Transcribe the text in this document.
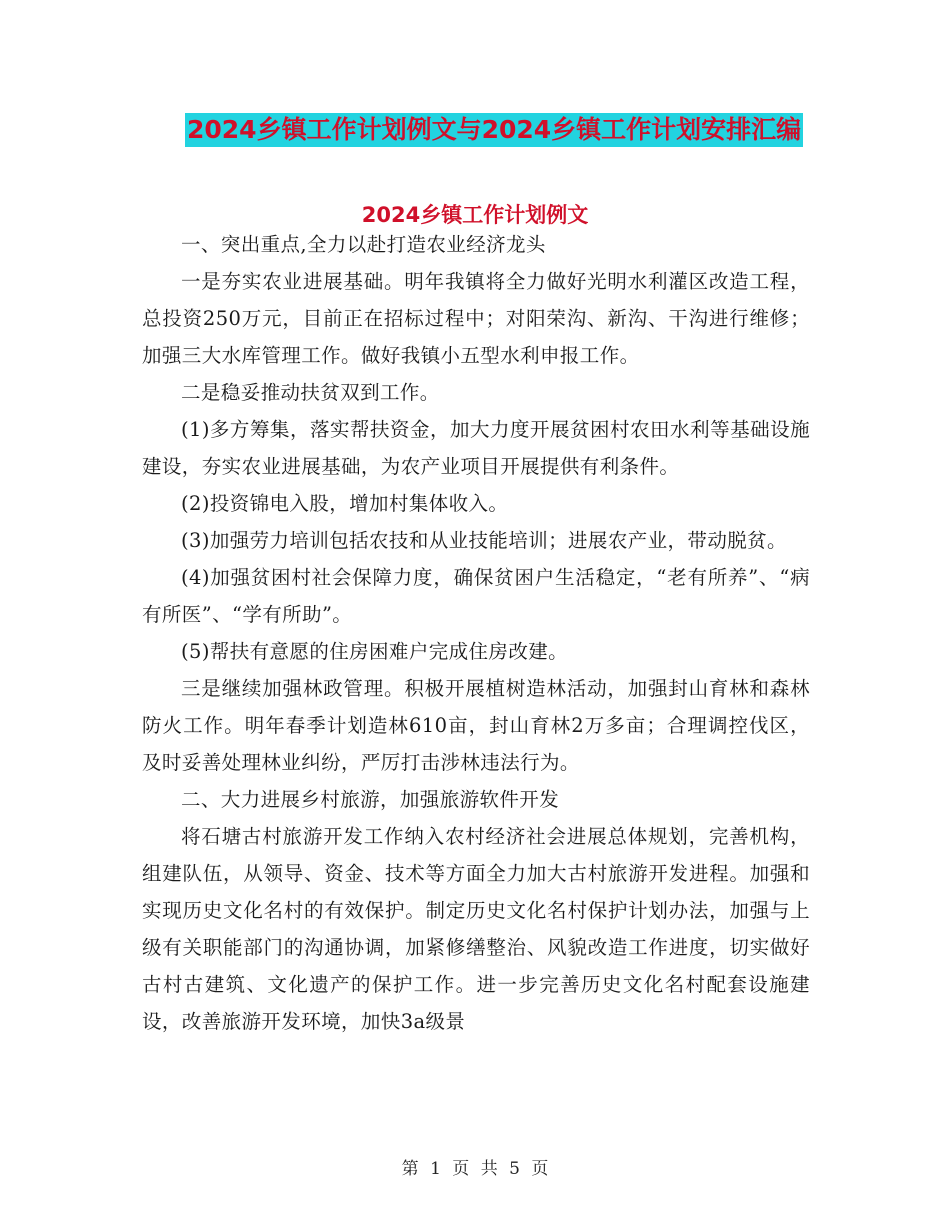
2024乡镇工作计划例文与2024乡镇工作计划安排汇编
2024乡镇工作计划例文

一、突出重点,全力以赴打造农业经济龙头

一是夯实农业进展基础。明年我镇将全力做好光明水利灌区改造工程，总投资250万元，目前正在招标过程中；对阳荣沟、新沟、干沟进行维修；加强三大水库管理工作。做好我镇小五型水利申报工作。

二是稳妥推动扶贫双到工作。

(1)多方筹集，落实帮扶资金，加大力度开展贫困村农田水利等基础设施建设，夯实农业进展基础，为农产业项目开展提供有利条件。

(2)投资锦电入股，增加村集体收入。

(3)加强劳力培训包括农技和从业技能培训；进展农产业，带动脱贫。

(4)加强贫困村社会保障力度，确保贫困户生活稳定，“老有所养”、“病有所医”、“学有所助”。

(5)帮扶有意愿的住房困难户完成住房改建。

三是继续加强林政管理。积极开展植树造林活动，加强封山育林和森林防火工作。明年春季计划造林610亩，封山育林2万多亩；合理调控伐区，及时妥善处理林业纠纷，严厉打击涉林违法行为。

二、大力进展乡村旅游，加强旅游软件开发

将石塘古村旅游开发工作纳入农村经济社会进展总体规划，完善机构，组建队伍，从领导、资金、技术等方面全力加大古村旅游开发进程。加强和实现历史文化名村的有效保护。制定历史文化名村保护计划办法，加强与上级有关职能部门的沟通协调，加紧修缮整治、风貌改造工作进度，切实做好古村古建筑、文化遗产的保护工作。进一步完善历史文化名村配套设施建设，改善旅游开发环境，加快3a级景

第 1 页 共 5 页
